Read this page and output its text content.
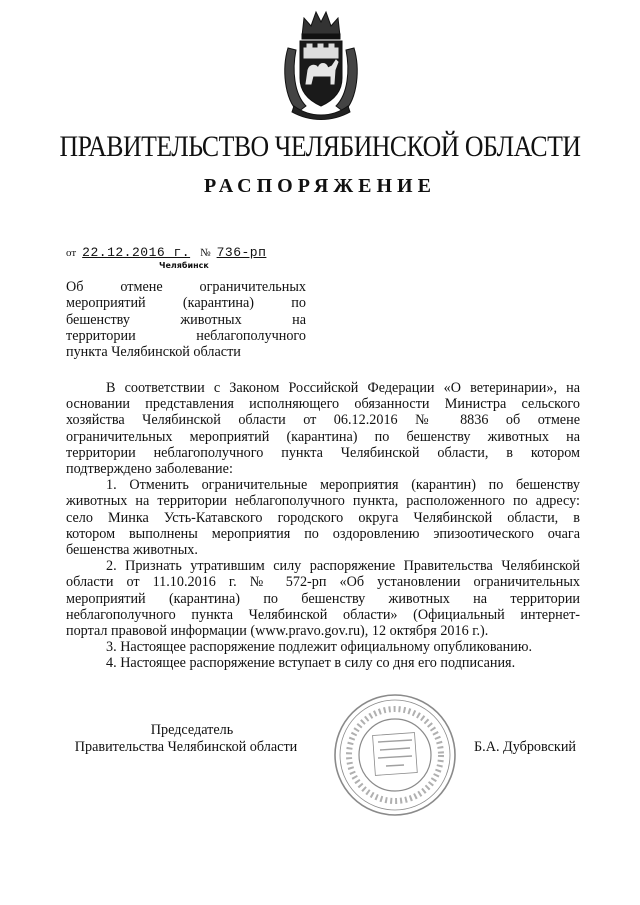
ПРАВИТЕЛЬСТВО ЧЕЛЯБИНСКОЙ ОБЛАСТИ
РАСПОРЯЖЕНИЕ
от 22.12.2016 г. № 736-рп
Челябинск
Об отмене ограничительных
мероприятий (карантина) по
бешенству животных на
территории неблагополучного
пункта Челябинской области
В соответствии с Законом Российской Федерации «О ветеринарии», на
основании представления исполняющего обязанности Министра сельского
хозяйства Челябинской области от 06.12.2016 № 8836 об отмене
ограничительных мероприятий (карантина) по бешенству животных на
территории неблагополучного пункта Челябинской области, в котором
подтверждено заболевание:
1. Отменить ограничительные мероприятия (карантин) по бешенству
животных на территории неблагополучного пункта, расположенного по адресу:
село Минка Усть-Катавского городского округа Челябинской области, в
котором выполнены мероприятия по оздоровлению эпизоотического очага
бешенства животных.
2. Признать утратившим силу распоряжение Правительства Челябинской
области от 11.10.2016 г. № 572-рп «Об установлении ограничительных
мероприятий (карантина) по бешенству животных на территории
неблагополучного пункта Челябинской области» (Официальный интернет-
портал правовой информации (www.pravo.gov.ru), 12 октября 2016 г.).
3. Настоящее распоряжение подлежит официальному опубликованию.
4. Настоящее распоряжение вступает в силу со дня его подписания.
Председатель
Правительства Челябинской области	Б.А. Дубровский
